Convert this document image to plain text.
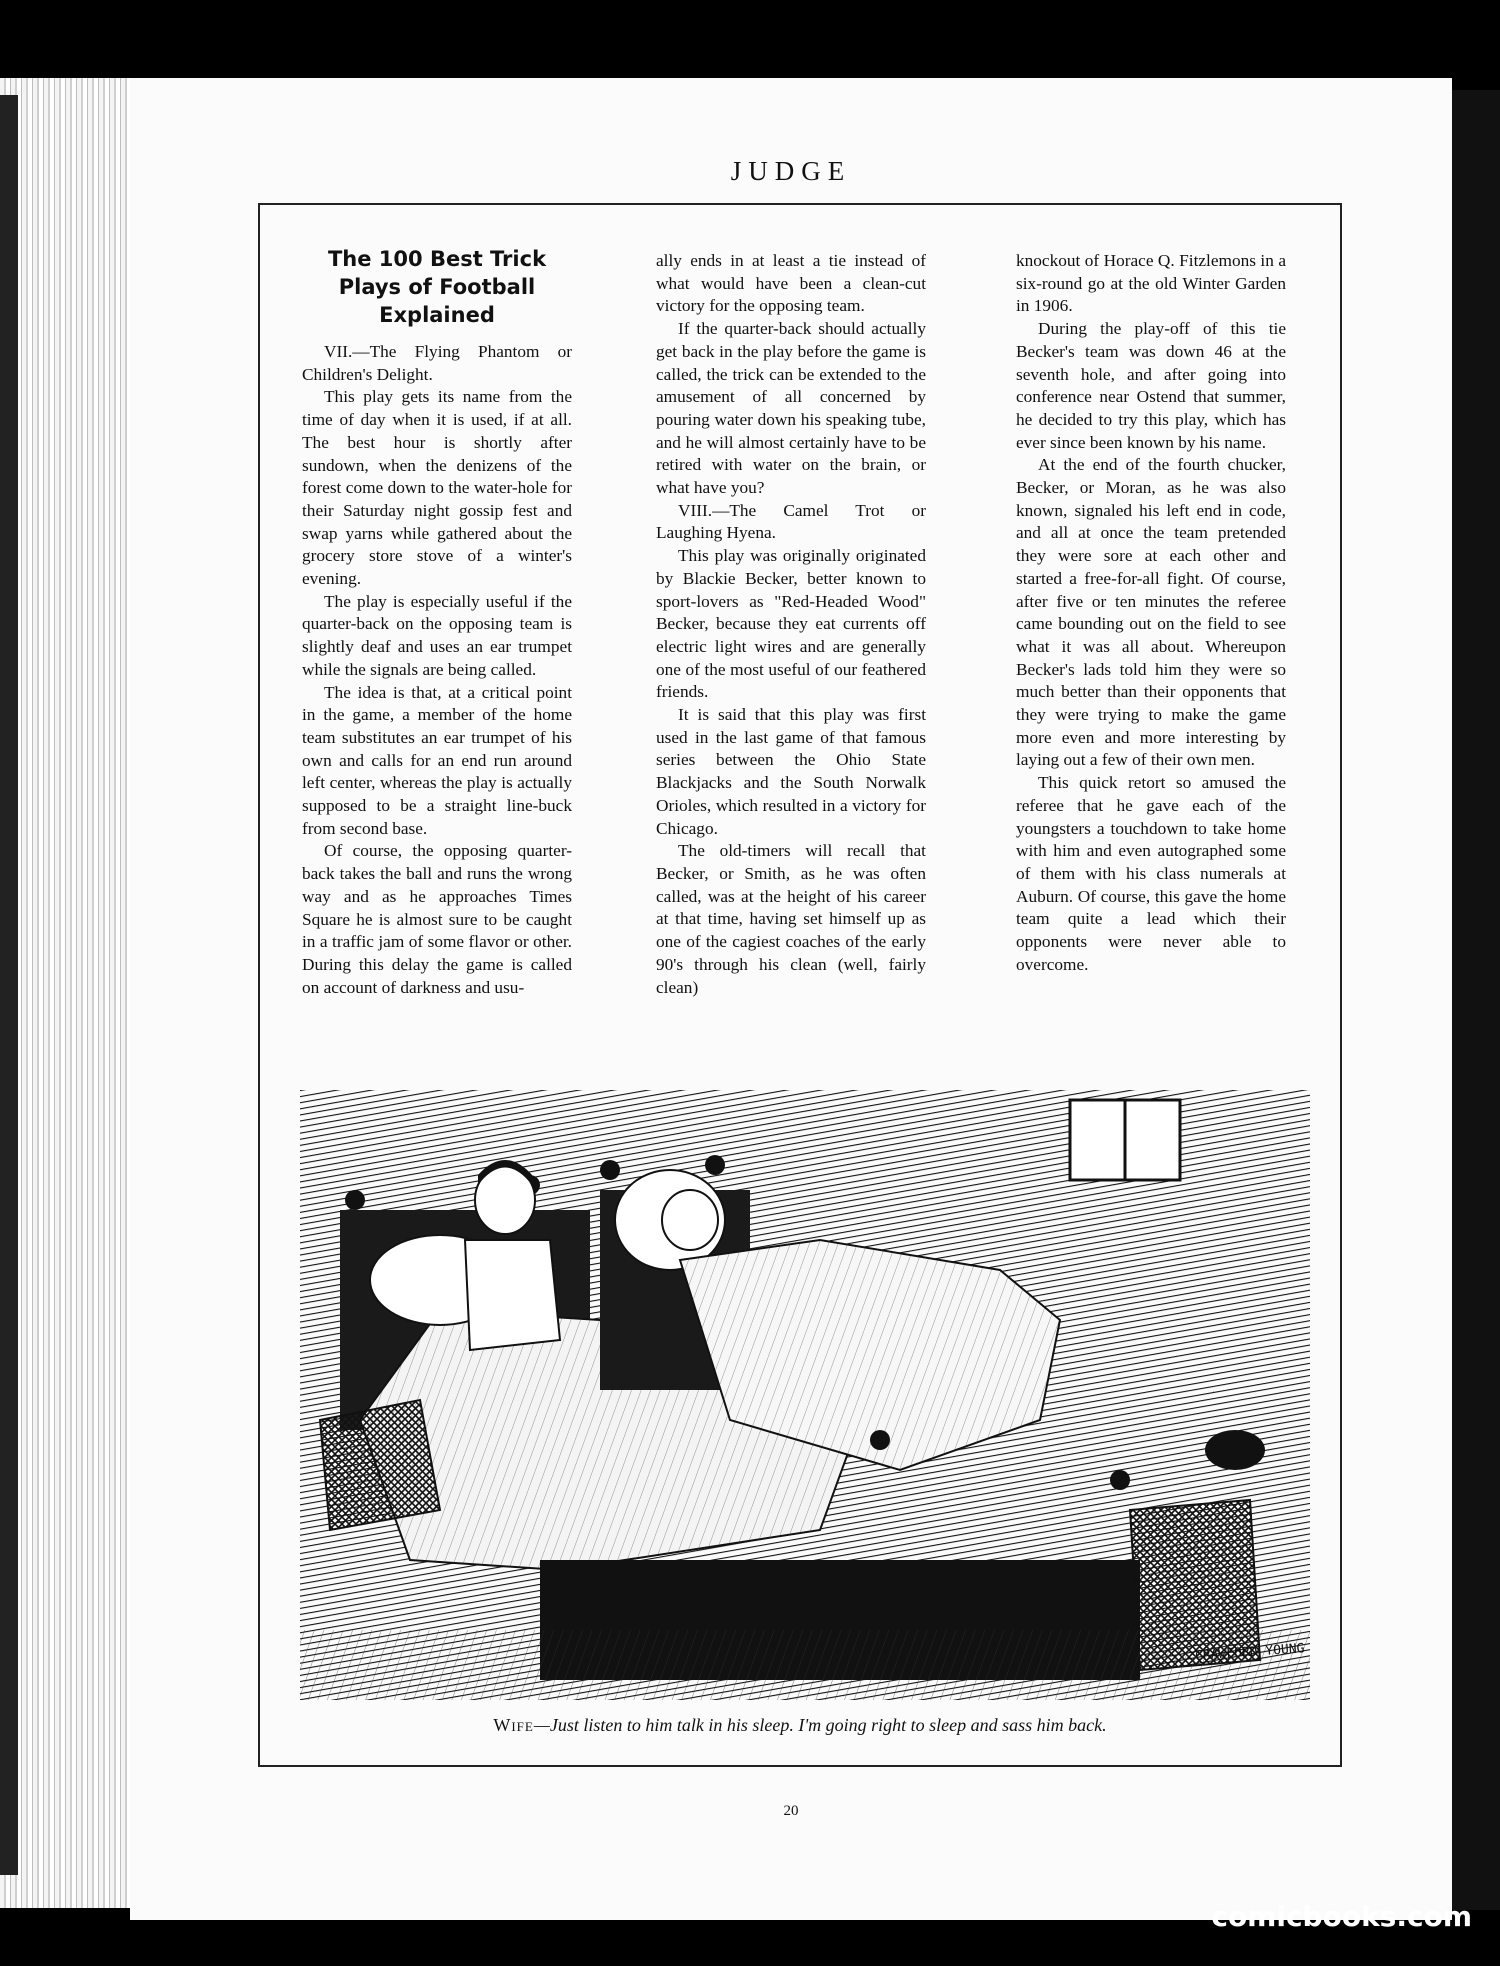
JUDGE
The 100 Best Trick Plays of Football Explained

VII.—The Flying Phantom or Children's Delight.

This play gets its name from the time of day when it is used, if at all. The best hour is shortly after sundown, when the denizens of the forest come down to the water-hole for their Saturday night gossip fest and swap yarns while gathered about the grocery store stove of a winter's evening.

The play is especially useful if the quarter-back on the opposing team is slightly deaf and uses an ear trumpet while the signals are being called.

The idea is that, at a critical point in the game, a member of the home team substitutes an ear trumpet of his own and calls for an end run around left center, whereas the play is actually supposed to be a straight line-buck from second base.

Of course, the opposing quarter-back takes the ball and runs the wrong way and as he approaches Times Square he is almost sure to be caught in a traffic jam of some flavor or other. During this delay the game is called on account of darkness and usu-

ally ends in at least a tie instead of what would have been a clean-cut victory for the opposing team.

If the quarter-back should actually get back in the play before the game is called, the trick can be extended to the amusement of all concerned by pouring water down his speaking tube, and he will almost certainly have to be retired with water on the brain, or what have you?

VIII.—The Camel Trot or Laughing Hyena.

This play was originally originated by Blackie Becker, better known to sport-lovers as "Red-Headed Wood" Becker, because they eat currents off electric light wires and are generally one of the most useful of our feathered friends.

It is said that this play was first used in the last game of that famous series between the Ohio State Blackjacks and the South Norwalk Orioles, which resulted in a victory for Chicago.

The old-timers will recall that Becker, or Smith, as he was often called, was at the height of his career at that time, having set himself up as one of the cagiest coaches of the early 90's through his clean (well, fairly clean)

knockout of Horace Q. Fitzlemons in a six-round go at the old Winter Garden in 1906.

During the play-off of this tie Becker's team was down 46 at the seventh hole, and after going into conference near Ostend that summer, he decided to try this play, which has ever since been known by his name.

At the end of the fourth chucker, Becker, or Moran, as he was also known, signaled his left end in code, and all at once the team pretended they were sore at each other and started a free-for-all fight. Of course, after five or ten minutes the referee came bounding out on the field to see what it was all about. Whereupon Becker's lads told him they were so much better than their opponents that they were trying to make the game more even and more interesting by laying out a few of their own men.

This quick retort so amused the referee that he gave each of the youngsters a touchdown to take home with him and even autographed some of them with his class numerals at Auburn. Of course, this gave the home team quite a lead which their opponents were never able to overcome.

CRAWFORD YOUNG
Wife—Just listen to him talk in his sleep. I'm going right to sleep and sass him back.
20
comicbooks.com
